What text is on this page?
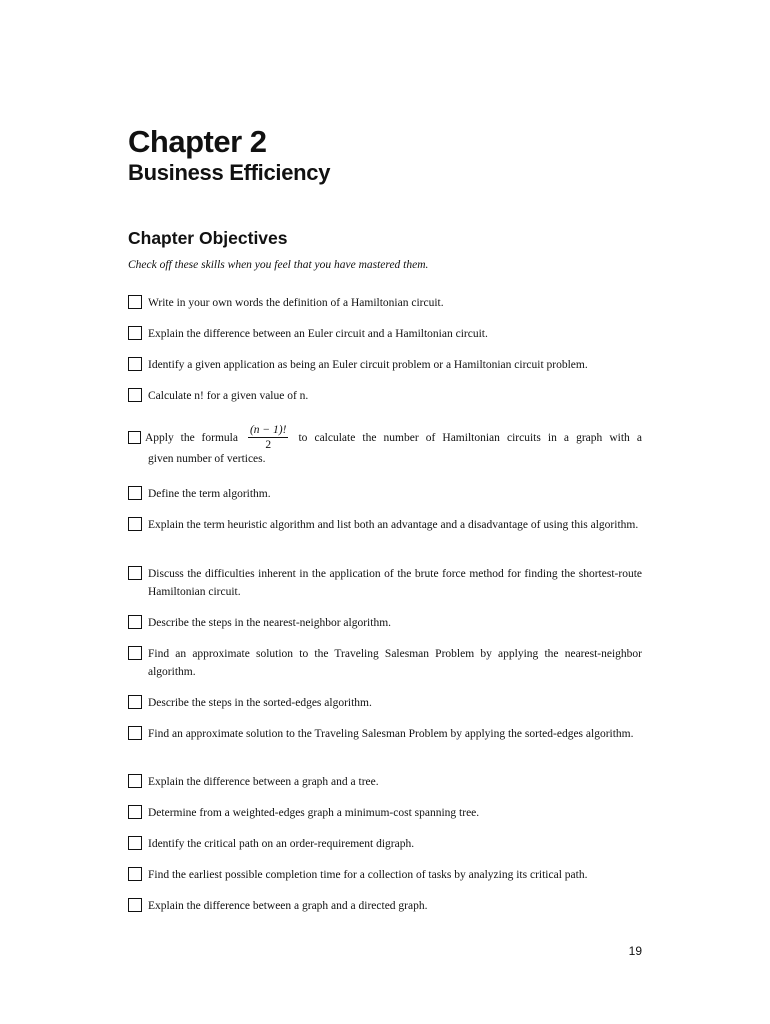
Chapter 2
Business Efficiency
Chapter Objectives

Check off these skills when you feel that you have mastered them.

Write in your own words the definition of a Hamiltonian circuit.
Explain the difference between an Euler circuit and a Hamiltonian circuit.
Identify a given application as being an Euler circuit problem or a Hamiltonian circuit problem.
Calculate n! for a given value of n.
Apply the formula $\frac{(n - 1)!}{2}$ to calculate the number of Hamiltonian circuits in a graph with a
given number of vertices.
Define the term algorithm.
Explain the term heuristic algorithm and list both an advantage and a disadvantage of using this algorithm.
Discuss the difficulties inherent in the application of the brute force method for finding the shortest-route Hamiltonian circuit.
Describe the steps in the nearest-neighbor algorithm.
Find an approximate solution to the Traveling Salesman Problem by applying the nearest-neighbor algorithm.
Describe the steps in the sorted-edges algorithm.
Find an approximate solution to the Traveling Salesman Problem by applying the sorted-edges algorithm.
Explain the difference between a graph and a tree.
Determine from a weighted-edges graph a minimum-cost spanning tree.
Identify the critical path on an order-requirement digraph.
Find the earliest possible completion time for a collection of tasks by analyzing its critical path.
Explain the difference between a graph and a directed graph.

19
